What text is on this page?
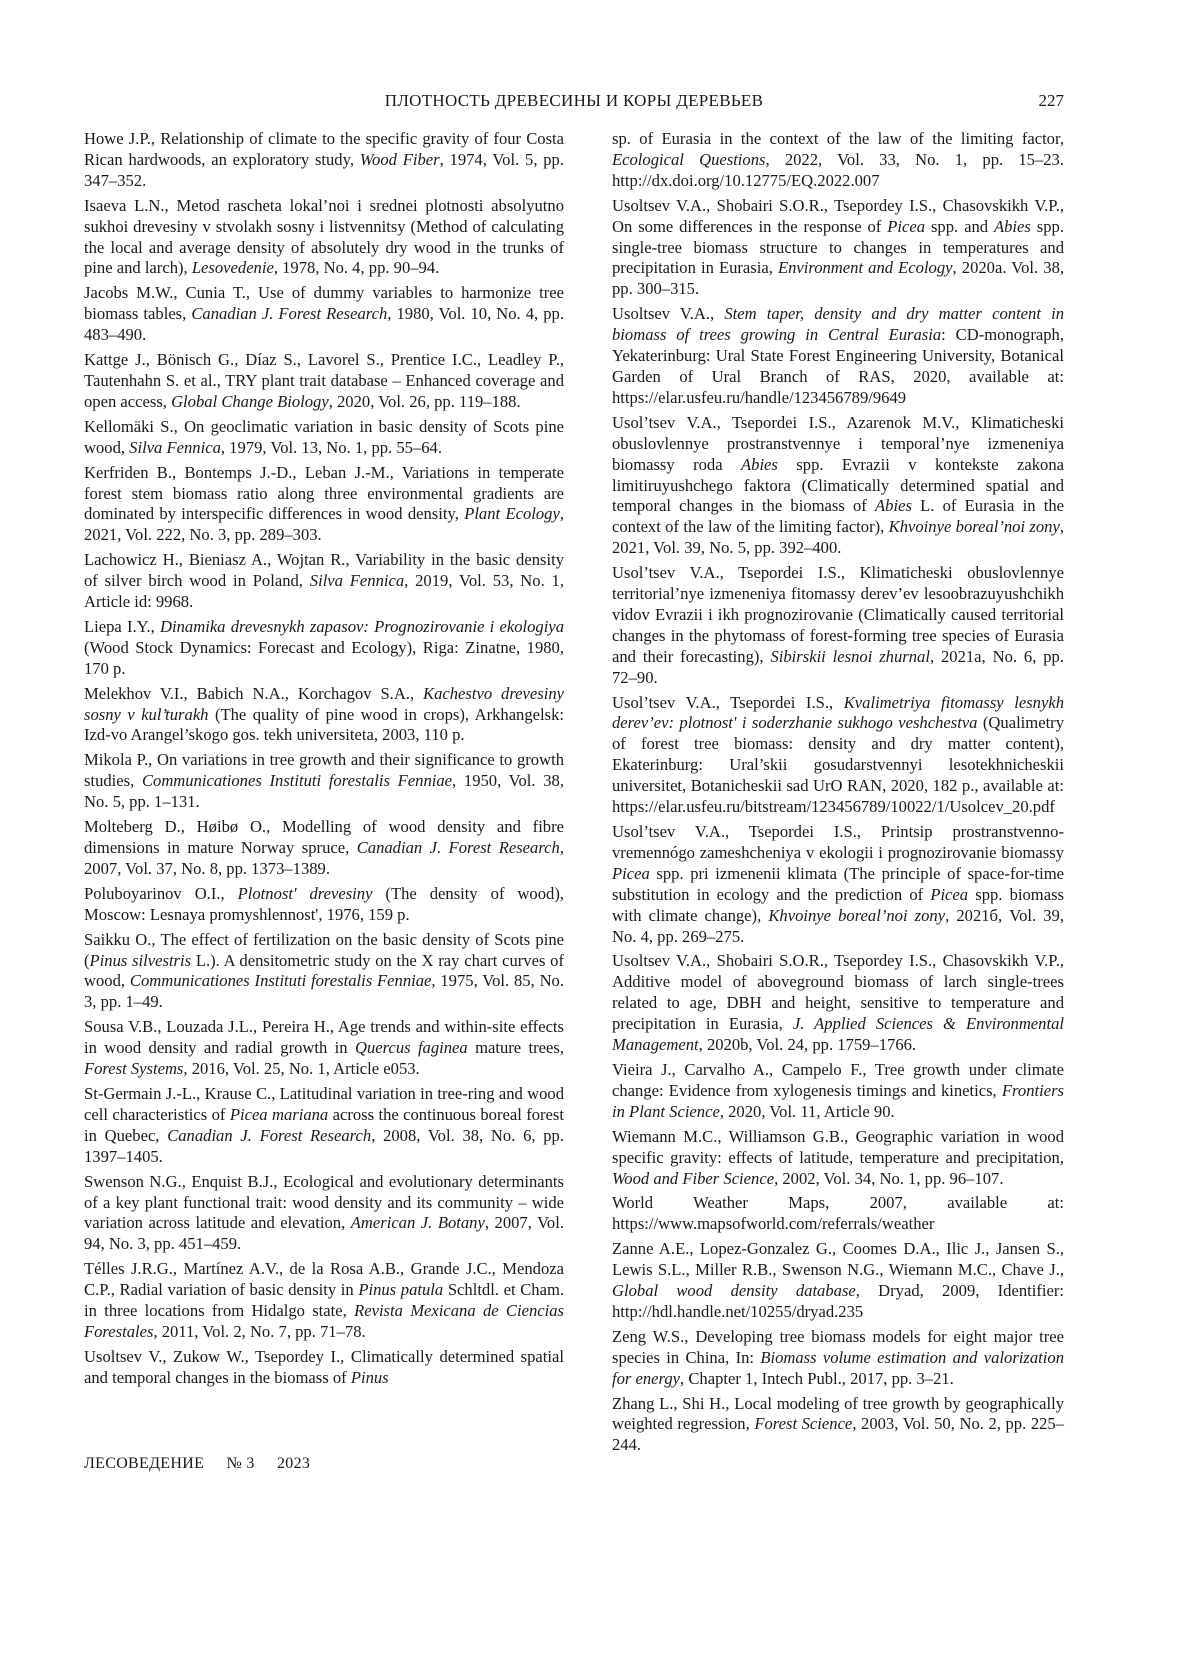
ПЛОТНОСТЬ ДРЕВЕСИНЫ И КОРЫ ДЕРЕВЬЕВ	227

Howe J.P., Relationship of climate to the specific gravity of four Costa Rican hardwoods, an exploratory study, Wood Fiber, 1974, Vol. 5, pp. 347–352.

Isaeva L.N., Metod rascheta lokal’noi i srednei plotnosti absolyutno sukhoi drevesiny v stvolakh sosny i listvennitsy (Method of calculating the local and average density of absolutely dry wood in the trunks of pine and larch), Lesovedenie, 1978, No. 4, pp. 90–94.

Jacobs M.W., Cunia T., Use of dummy variables to harmonize tree biomass tables, Canadian J. Forest Research, 1980, Vol. 10, No. 4, pp. 483–490.

Kattge J., Bönisch G., Díaz S., Lavorel S., Prentice I.C., Leadley P., Tautenhahn S. et al., TRY plant trait database – Enhanced coverage and open access, Global Change Biology, 2020, Vol. 26, pp. 119–188.

Kellomäki S., On geoclimatic variation in basic density of Scots pine wood, Silva Fennica, 1979, Vol. 13, No. 1, pp. 55–64.

Kerfriden B., Bontemps J.-D., Leban J.-M., Variations in temperate forest stem biomass ratio along three environmental gradients are dominated by interspecific differences in wood density, Plant Ecology, 2021, Vol. 222, No. 3, pp. 289–303.

Lachowicz H., Bieniasz A., Wojtan R., Variability in the basic density of silver birch wood in Poland, Silva Fennica, 2019, Vol. 53, No. 1, Article id: 9968.

Liepa I.Y., Dinamika drevesnykh zapasov: Prognozirovanie i ekologiya (Wood Stock Dynamics: Forecast and Ecology), Riga: Zinatne, 1980, 170 p.

Melekhov V.I., Babich N.A., Korchagov S.A., Kachestvo drevesiny sosny v kul’turakh (The quality of pine wood in crops), Arkhangelsk: Izd-vo Arangel’skogo gos. tekh universiteta, 2003, 110 p.

Mikola P., On variations in tree growth and their significance to growth studies, Communicationes Instituti forestalis Fenniae, 1950, Vol. 38, No. 5, pp. 1–131.

Molteberg D., Høibø O., Modelling of wood density and fibre dimensions in mature Norway spruce, Canadian J. Forest Research, 2007, Vol. 37, No. 8, pp. 1373–1389.

Poluboyarinov O.I., Plotnost' drevesiny (The density of wood), Moscow: Lesnaya promyshlennost', 1976, 159 p.

Saikku O., The effect of fertilization on the basic density of Scots pine (Pinus silvestris L.). A densitometric study on the X ray chart curves of wood, Communicationes Instituti forestalis Fenniae, 1975, Vol. 85, No. 3, pp. 1–49.

Sousa V.B., Louzada J.L., Pereira H., Age trends and within-site effects in wood density and radial growth in Quercus faginea mature trees, Forest Systems, 2016, Vol. 25, No. 1, Article e053.

St-Germain J.-L., Krause C., Latitudinal variation in tree-ring and wood cell characteristics of Picea mariana across the continuous boreal forest in Quebec, Canadian J. Forest Research, 2008, Vol. 38, No. 6, pp. 1397–1405.

Swenson N.G., Enquist B.J., Ecological and evolutionary determinants of a key plant functional trait: wood density and its community – wide variation across latitude and elevation, American J. Botany, 2007, Vol. 94, No. 3, pp. 451–459.

Télles J.R.G., Martínez A.V., de la Rosa A.B., Grande J.C., Mendoza C.P., Radial variation of basic density in Pinus patula Schltdl. et Cham. in three locations from Hidalgo state, Revista Mexicana de Ciencias Forestales, 2011, Vol. 2, No. 7, pp. 71–78.

Usoltsev V., Zukow W., Tsepordey I., Climatically determined spatial and temporal changes in the biomass of Pinus

sp. of Eurasia in the context of the law of the limiting factor, Ecological Questions, 2022, Vol. 33, No. 1, pp. 15–23. http://dx.doi.org/10.12775/EQ.2022.007

Usoltsev V.A., Shobairi S.O.R., Tsepordey I.S., Chasovskikh V.P., On some differences in the response of Picea spp. and Abies spp. single-tree biomass structure to changes in temperatures and precipitation in Eurasia, Environment and Ecology, 2020a. Vol. 38, pp. 300–315.

Usoltsev V.A., Stem taper, density and dry matter content in biomass of trees growing in Central Eurasia: CD-monograph, Yekaterinburg: Ural State Forest Engineering University, Botanical Garden of Ural Branch of RAS, 2020, available at: https://elar.usfeu.ru/handle/123456789/9649

Usol’tsev V.A., Tsepordei I.S., Azarenok M.V., Klimaticheski obuslovlennye prostranstvennye i temporal’nye izmeneniya biomassy roda Abies spp. Evrazii v kontekste zakona limitiruyushchego faktora (Climatically determined spatial and temporal changes in the biomass of Abies L. of Eurasia in the context of the law of the limiting factor), Khvoinye boreal’noi zony, 2021, Vol. 39, No. 5, pp. 392–400.

Usol’tsev V.A., Tsepordei I.S., Klimaticheski obuslovlennye territorial’nye izmeneniya fitomassy derev’ev lesoobrazuyushchikh vidov Evrazii i ikh prognozirovanie (Climatically caused territorial changes in the phytomass of forest-forming tree species of Eurasia and their forecasting), Sibirskii lesnoi zhurnal, 2021a, No. 6, pp. 72–90.

Usol’tsev V.A., Tsepordei I.S., Kvalimetriya fitomassy lesnykh derev’ev: plotnost' i soderzhanie sukhogo veshchestva (Qualimetry of forest tree biomass: density and dry matter content), Ekaterinburg: Ural’skii gosudarstvennyi lesotekhnicheskii universitet, Botanicheskii sad UrO RAN, 2020, 182 p., available at: https://elar.usfeu.ru/bitstream/123456789/10022/1/Usolcev_20.pdf

Usol’tsev V.A., Tsepordei I.S., Printsip prostranstvenno-vremennógo zameshcheniya v ekologii i prognozirovanie biomassy Picea spp. pri izmenenii klimata (The principle of space-for-time substitution in ecology and the prediction of Picea spp. biomass with climate change), Khvoinye boreal’noi zony, 2021б, Vol. 39, No. 4, pp. 269–275.

Usoltsev V.A., Shobairi S.O.R., Tsepordey I.S., Chasovskikh V.P., Additive model of aboveground biomass of larch single-trees related to age, DBH and height, sensitive to temperature and precipitation in Eurasia, J. Applied Sciences & Environmental Management, 2020b, Vol. 24, pp. 1759–1766.

Vieira J., Carvalho A., Campelo F., Tree growth under climate change: Evidence from xylogenesis timings and kinetics, Frontiers in Plant Science, 2020, Vol. 11, Article 90.

Wiemann M.C., Williamson G.B., Geographic variation in wood specific gravity: effects of latitude, temperature and precipitation, Wood and Fiber Science, 2002, Vol. 34, No. 1, pp. 96–107.

World Weather Maps, 2007, available at: https://www.mapsofworld.com/referrals/weather

Zanne A.E., Lopez-Gonzalez G., Coomes D.A., Ilic J., Jansen S., Lewis S.L., Miller R.B., Swenson N.G., Wiemann M.C., Chave J., Global wood density database, Dryad, 2009, Identifier: http://hdl.handle.net/10255/dryad.235

Zeng W.S., Developing tree biomass models for eight major tree species in China, In: Biomass volume estimation and valorization for energy, Chapter 1, Intech Publ., 2017, pp. 3–21.

Zhang L., Shi H., Local modeling of tree growth by geographically weighted regression, Forest Science, 2003, Vol. 50, No. 2, pp. 225–244.

ЛЕСОВЕДЕНИЕ № 3 2023
